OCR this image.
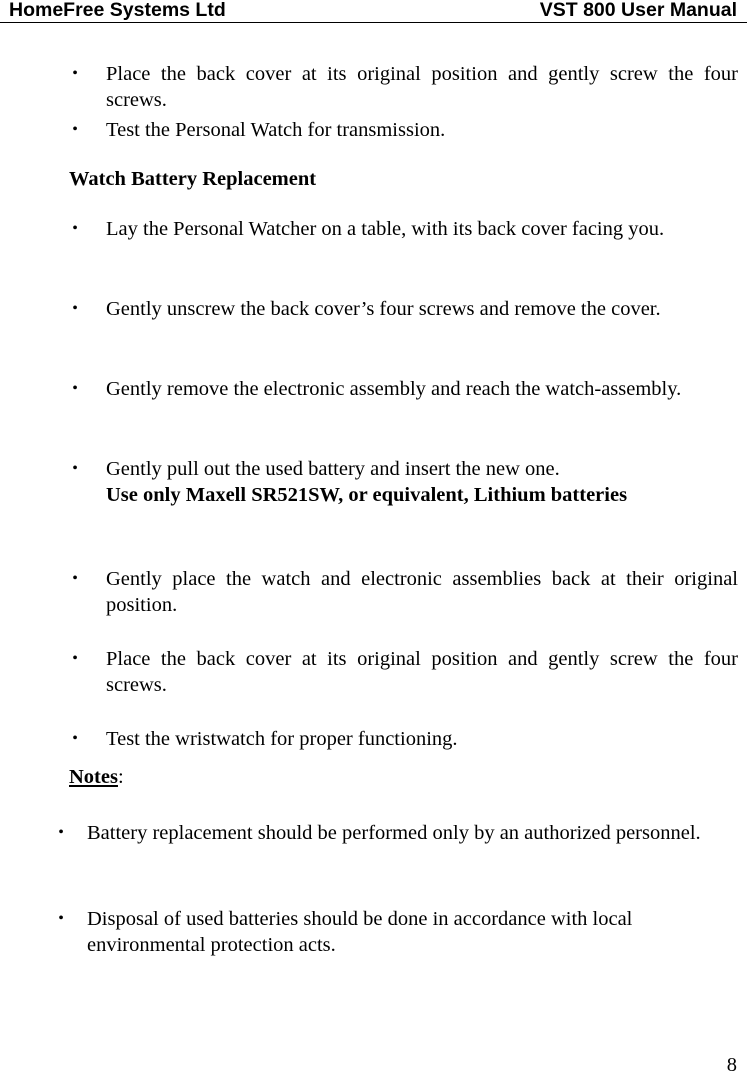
HomeFree Systems Ltd	VST 800 User Manual
• Place the back cover at its original position and gently screw the four screws.
• Test the Personal Watch for transmission.
Watch Battery Replacement
• Lay the Personal Watcher on a table, with its back cover facing you.
• Gently unscrew the back cover’s four screws and remove the cover.
• Gently remove the electronic assembly and reach the watch-assembly.
• Gently pull out the used battery and insert the new one.
Use only Maxell SR521SW, or equivalent, Lithium batteries
• Gently place the watch and electronic assemblies back at their original position.
• Place the back cover at its original position and gently screw the four screws.
• Test the wristwatch for proper functioning.
Notes:
• Battery replacement should be performed only by an authorized personnel.
• Disposal of used batteries should be done in accordance with local environmental protection acts.
8
